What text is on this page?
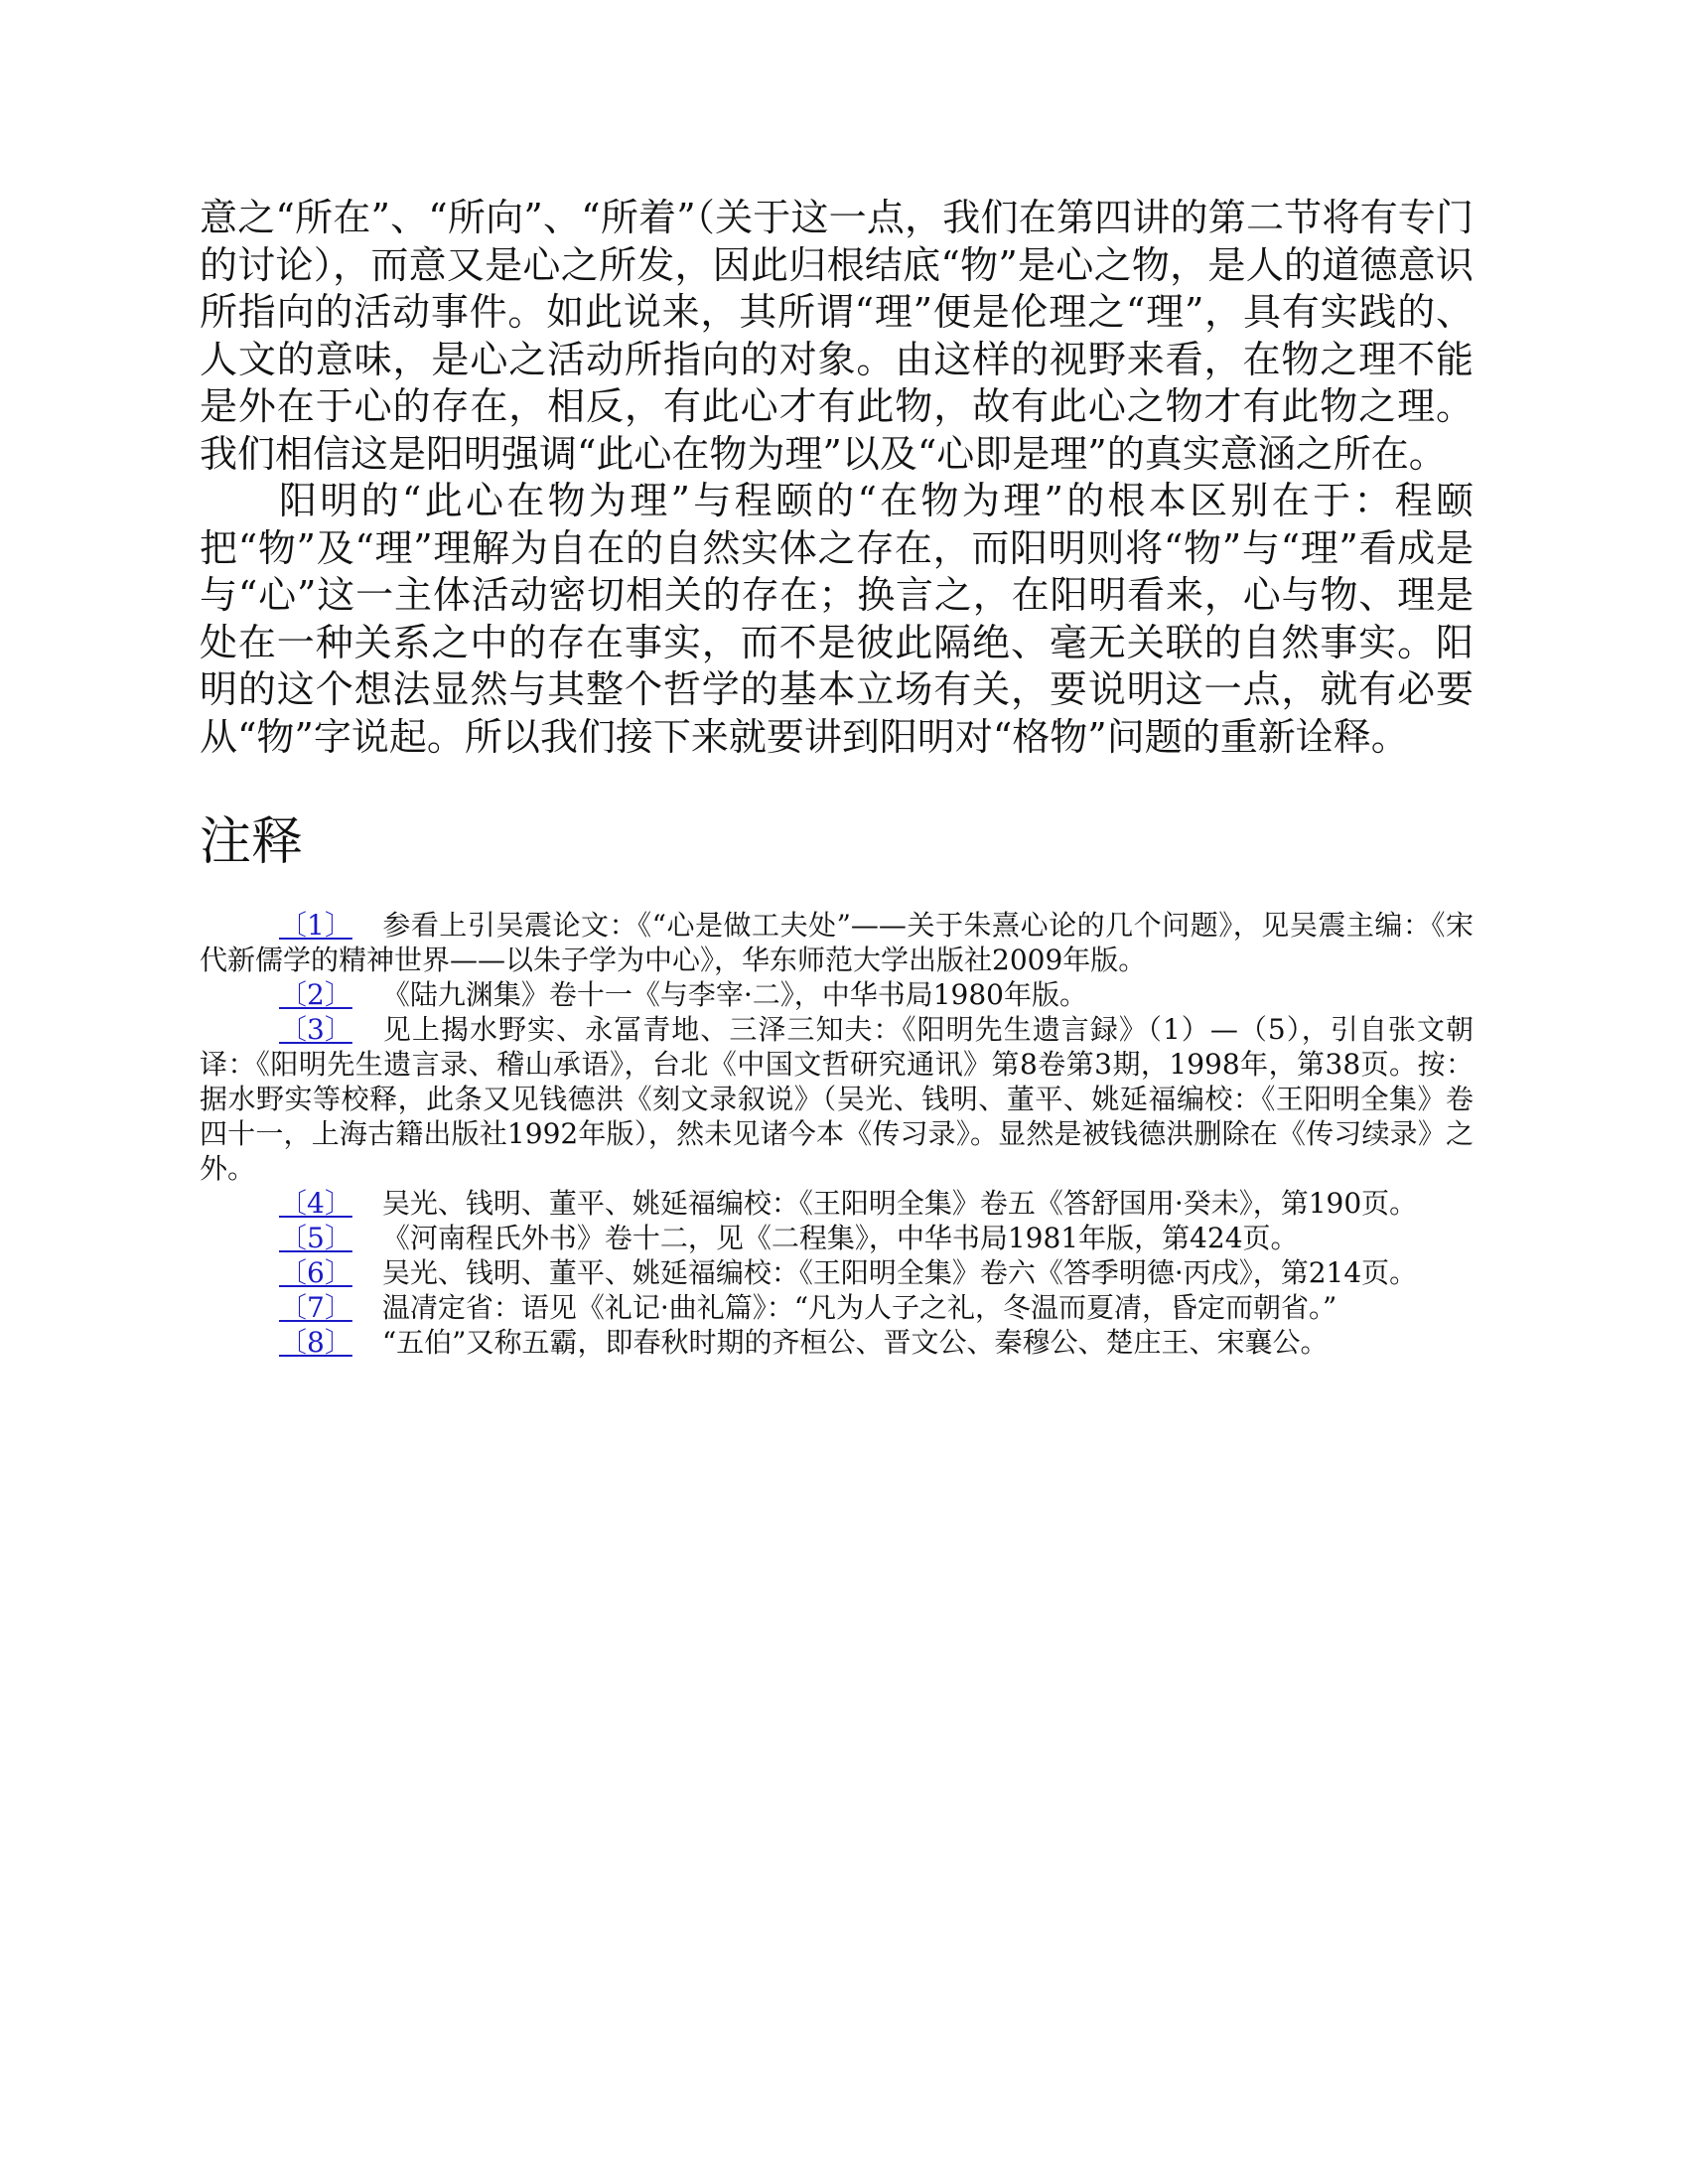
意之“所在”、“所向”、“所着”（关于这一点，我们在第四讲的第二节将有专门的讨论），而意又是心之所发，因此归根结底“物”是心之物，是人的道德意识所指向的活动事件。如此说来，其所谓“理”便是伦理之“理”，具有实践的、人文的意味，是心之活动所指向的对象。由这样的视野来看，在物之理不能是外在于心的存在，相反，有此心才有此物，故有此心之物才有此物之理。我们相信这是阳明强调“此心在物为理”以及“心即是理”的真实意涵之所在。

阳明的“此心在物为理”与程颐的“在物为理”的根本区别在于：程颐把“物”及“理”理解为自在的自然实体之存在，而阳明则将“物”与“理”看成是与“心”这一主体活动密切相关的存在；换言之，在阳明看来，心与物、理是处在一种关系之中的存在事实，而不是彼此隔绝、毫无关联的自然事实。阳明的这个想法显然与其整个哲学的基本立场有关，要说明这一点，就有必要从“物”字说起。所以我们接下来就要讲到阳明对“格物”问题的重新诠释。

注释

〔1〕 参看上引吴震论文：《“心是做工夫处”——关于朱熹心论的几个问题》，见吴震主编：《宋代新儒学的精神世界——以朱子学为中心》，华东师范大学出版社2009年版。

〔2〕 《陆九渊集》卷十一《与李宰·二》，中华书局1980年版。

〔3〕 见上揭水野实、永冨青地、三泽三知夫：《阳明先生遗言録》（1）—（5），引自张文朝译：《阳明先生遗言录、稽山承语》，台北《中国文哲研究通讯》第8卷第3期，1998年，第38页。按：据水野实等校释，此条又见钱德洪《刻文录叙说》（吴光、钱明、董平、姚延福编校：《王阳明全集》卷四十一，上海古籍出版社1992年版），然未见诸今本《传习录》。显然是被钱德洪删除在《传习续录》之外。

〔4〕 吴光、钱明、董平、姚延福编校：《王阳明全集》卷五《答舒国用·癸未》，第190页。

〔5〕 《河南程氏外书》卷十二，见《二程集》，中华书局1981年版，第424页。

〔6〕 吴光、钱明、董平、姚延福编校：《王阳明全集》卷六《答季明德·丙戌》，第214页。

〔7〕 温凊定省：语见《礼记·曲礼篇》：“凡为人子之礼，冬温而夏凊，昏定而朝省。”

〔8〕 “五伯”又称五霸，即春秋时期的齐桓公、晋文公、秦穆公、楚庄王、宋襄公。
